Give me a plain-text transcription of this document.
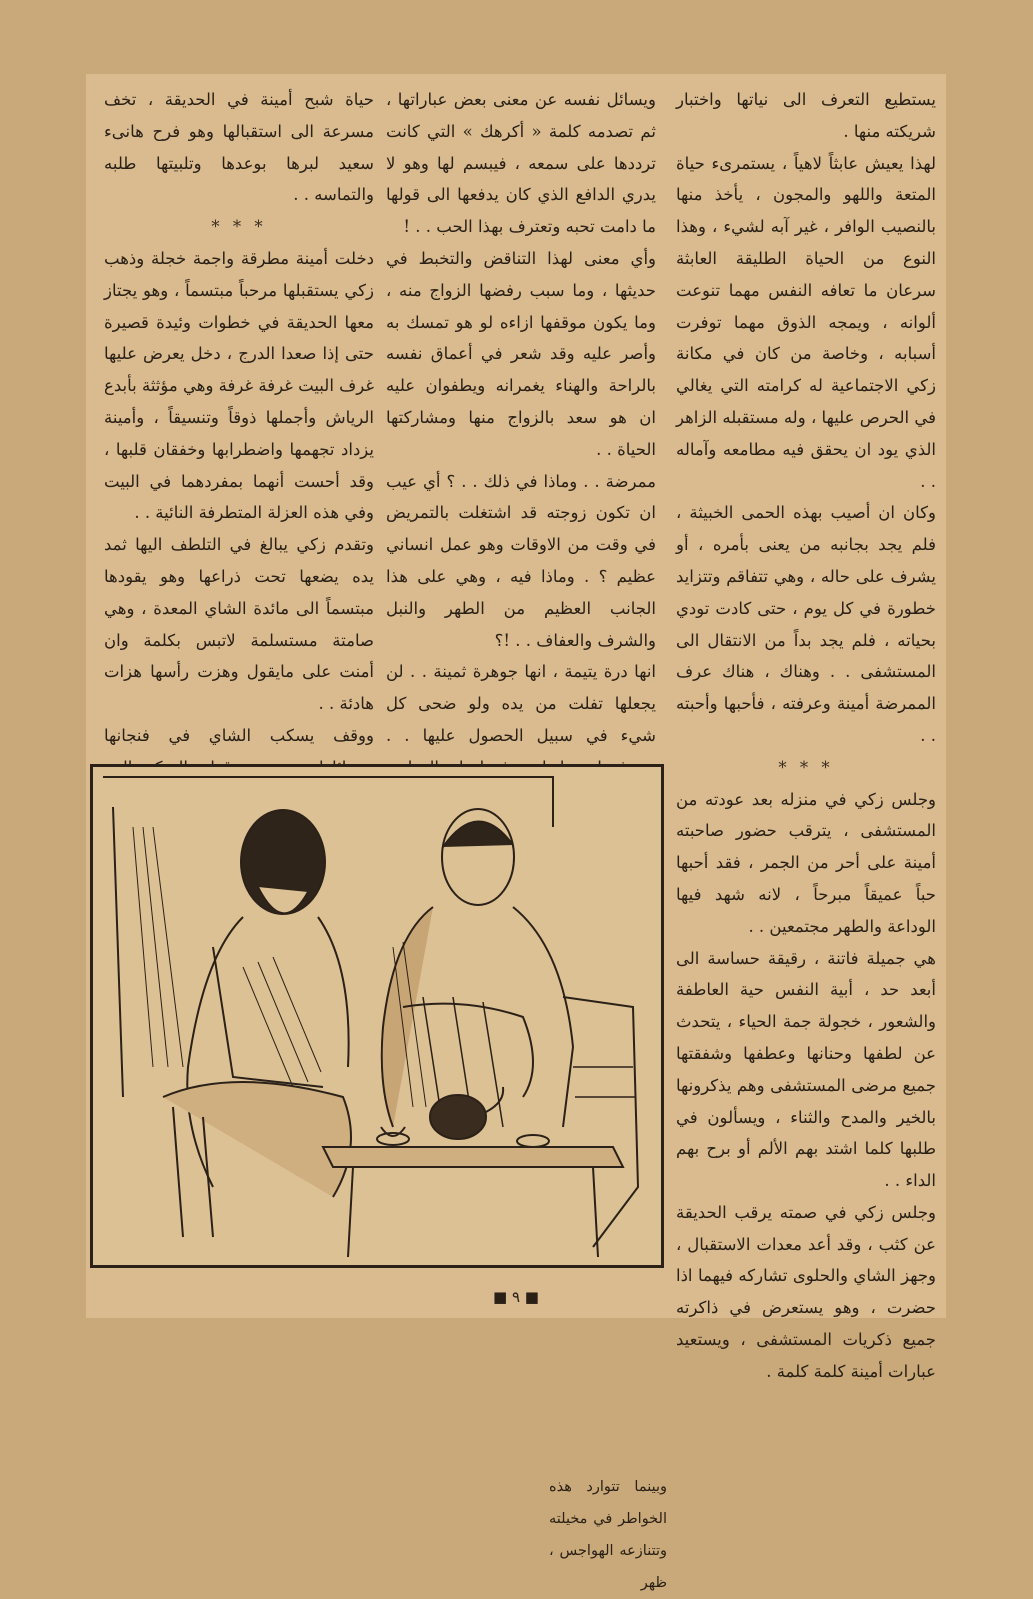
يستطيع التعرف الى نياتها واختبار شريكته منها .

لهذا يعيش عابثاً لاهياً ، يستمرىء حياة المتعة واللهو والمجون ، يأخذ منها بالنصيب الوافر ، غير آبه لشيء ، وهذا النوع من الحياة الطليقة العابثة سرعان ما تعافه النفس مهما تنوعت ألوانه ، ويمجه الذوق مهما توفرت أسبابه ، وخاصة من كان في مكانة زكي الاجتماعية له كرامته التي يغالي في الحرص عليها ، وله مستقبله الزاهر الذي يود ان يحقق فيه مطامعه وآماله . .

وكان ان أصيب بهذه الحمى الخبيثة ، فلم يجد بجانبه من يعنى بأمره ، أو يشرف على حاله ، وهي تتفاقم وتتزايد خطورة في كل يوم ، حتى كادت تودي بحياته ، فلم يجد بداً من الانتقال الى المستشفى . . وهناك ، هناك عرف الممرضة أمينة وعرفته ، فأحبها وأحبته . .

* * *

وجلس زكي في منزله بعد عودته من المستشفى ، يترقب حضور صاحبته أمينة على أحر من الجمر ، فقد أحبها حباً عميقاً مبرحاً ، لانه شهد فيها الوداعة والطهر مجتمعين . .

هي جميلة فاتنة ، رقيقة حساسة الى أبعد حد ، أبية النفس حية العاطفة والشعور ، خجولة جمة الحياء ، يتحدث عن لطفها وحنانها وعطفها وشفقتها جميع مرضى المستشفى وهم يذكرونها بالخير والمدح والثناء ، ويسألون في طلبها كلما اشتد بهم الألم أو برح بهم الداء . .

وجلس زكي في صمته يرقب الحديقة عن كثب ، وقد أعد معدات الاستقبال ، وجهز الشاي والحلوى تشاركه فيهما اذا حضرت ، وهو يستعرض في ذاكرته جميع ذكريات المستشفى ، ويستعيد عبارات أمينة كلمة كلمة .

ويسائل نفسه عن معنى بعض عباراتها ، ثم تصدمه كلمة « أكرهك » التي كانت ترددها على سمعه ، فيبسم لها وهو لا يدري الدافع الذي كان يدفعها الى قولها ما دامت تحبه وتعترف بهذا الحب . . !

وأي معنى لهذا التناقض والتخبط في حديثها ، وما سبب رفضها الزواج منه ، وما يكون موقفها ازاءه لو هو تمسك به وأصر عليه وقد شعر في أعماق نفسه بالراحة والهناء يغمرانه ويطفوان عليه ان هو سعد بالزواج منها ومشاركتها الحياة . .

ممرضة . . وماذا في ذلك . . ؟ أي عيب ان تكون زوجته قد اشتغلت بالتمريض في وقت من الاوقات وهو عمل انساني عظيم ؟ . وماذا فيه ، وهي على هذا الجانب العظيم من الطهر والنبل والشرف والعفاف . . !؟

انها درة يتيمة ، انها جوهرة ثمينة . . لن يجعلها تفلت من يده ولو ضحى كل شيء في سبيل الحصول عليها . .

حياة شبح أمينة في الحديقة ، تخف مسرعة الى استقبالها وهو فرح هانىء سعيد لبرها بوعدها وتلبيتها طلبه والتماسه . .

* * *

دخلت أمينة مطرقة واجمة خجلة وذهب زكي يستقبلها مرحباً مبتسماً ، وهو يجتاز معها الحديقة في خطوات وئيدة قصيرة حتى إذا صعدا الدرج ، دخل يعرض عليها غرف البيت غرفة غرفة وهي مؤثثة بأبدع الرياش وأجملها ذوقاً وتنسيقاً ، وأمينة يزداد تجهمها واضطرابها وخفقان قلبها ، وقد أحست أنهما بمفردهما في البيت وفي هذه العزلة المتطرفة النائية . .

وتقدم زكي يبالغ في التلطف اليها ثمد يده يضعها تحت ذراعها وهو يقودها مبتسماً الى مائدة الشاي المعدة ، وهي صامتة مستسلمة لاتبس بكلمة وان أمنت على مايقول وهزت رأسها هزات هادئة . .

ووقف يسكب الشاي في فنجانها

وبينما تتوارد هذه الخواطر في مخيلته وتتنازعه الهواجس ، ظهر
■ ٩ ■
